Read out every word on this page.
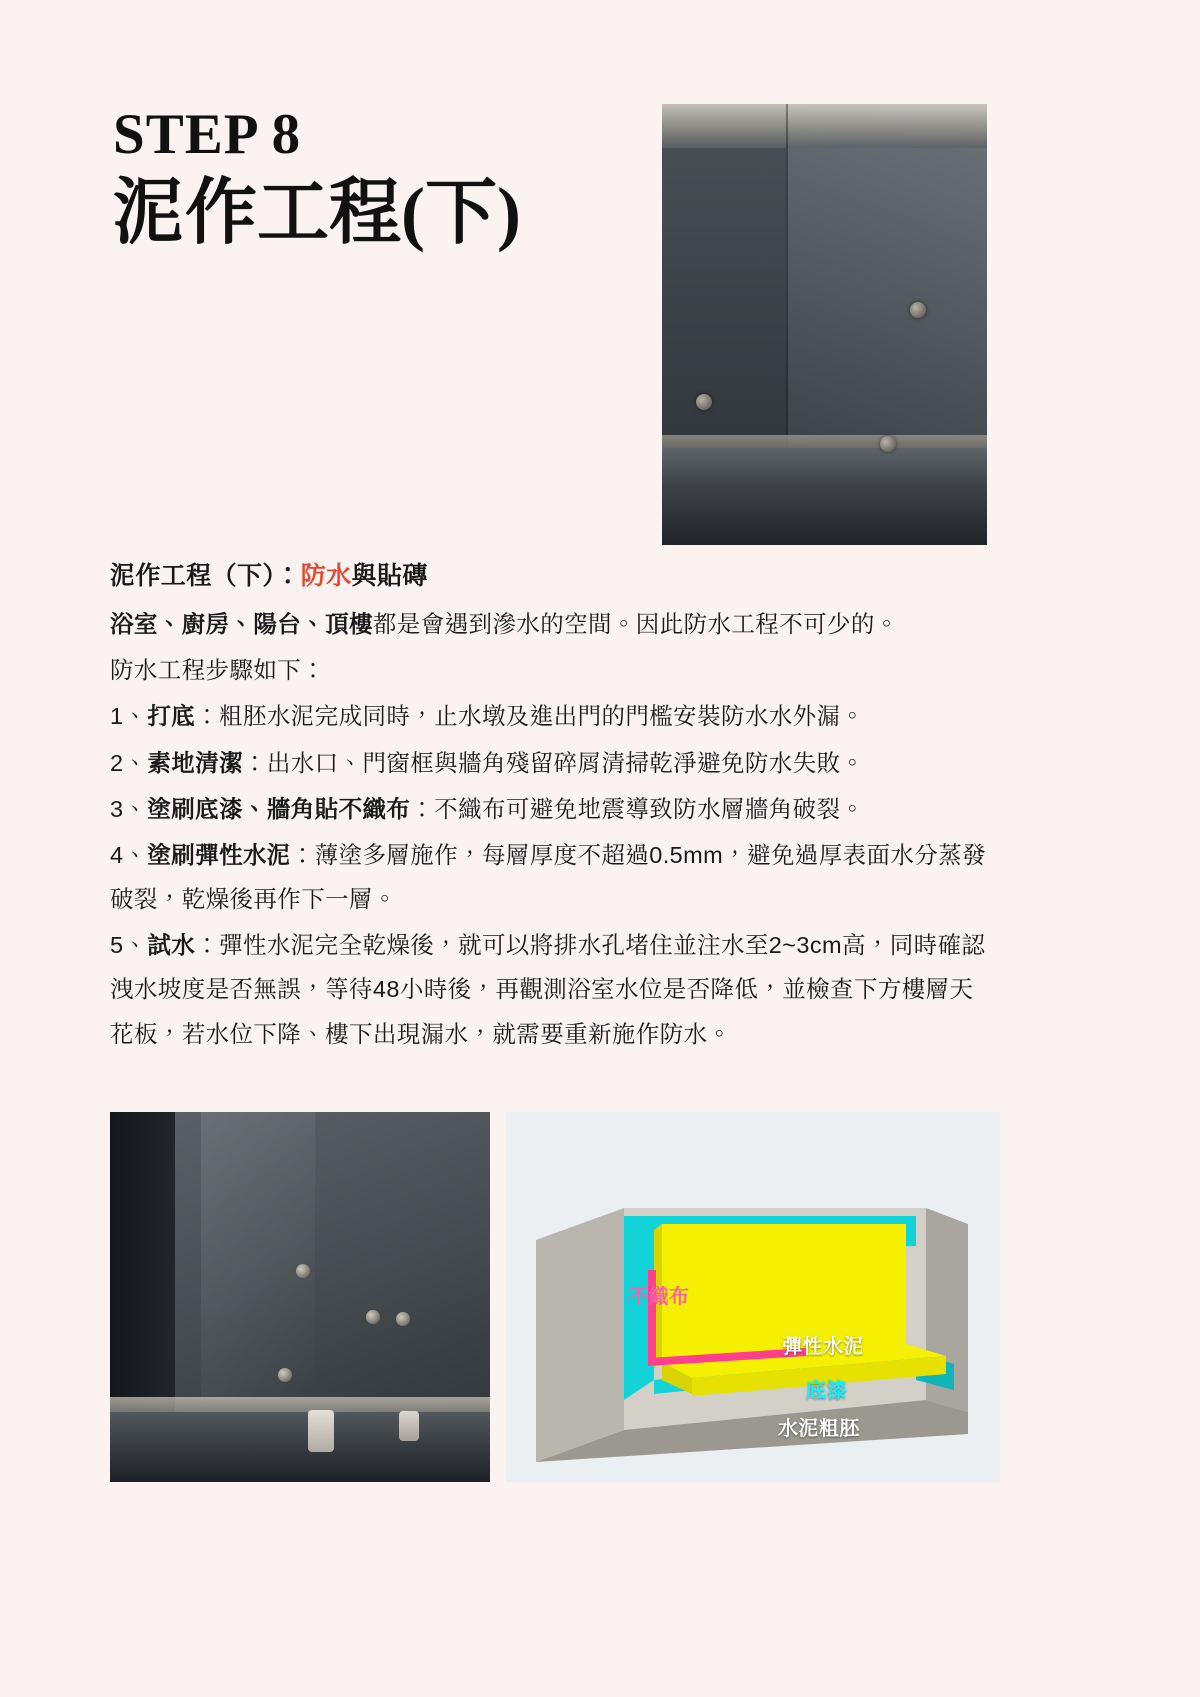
STEP 8
泥作工程(下)

泥作工程（下）：防水與貼磚

浴室、廚房、陽台、頂樓都是會遇到滲水的空間。因此防水工程不可少的。

防水工程步驟如下：

1、打底：粗胚水泥完成同時，止水墩及進出門的門檻安裝防水水外漏。

2、素地清潔：出水口、門窗框與牆角殘留碎屑清掃乾淨避免防水失敗。

3、塗刷底漆、牆角貼不織布：不織布可避免地震導致防水層牆角破裂。

4、塗刷彈性水泥：薄塗多層施作，每層厚度不超過0.5mm，避免過厚表面水分蒸發破裂，乾燥後再作下一層。

5、試水：彈性水泥完全乾燥後，就可以將排水孔堵住並注水至2~3cm高，同時確認洩水坡度是否無誤，等待48小時後，再觀測浴室水位是否降低，並檢查下方樓層天花板，若水位下降、樓下出現漏水，就需要重新施作防水。

不織布
彈性水泥
底漆
水泥粗胚
